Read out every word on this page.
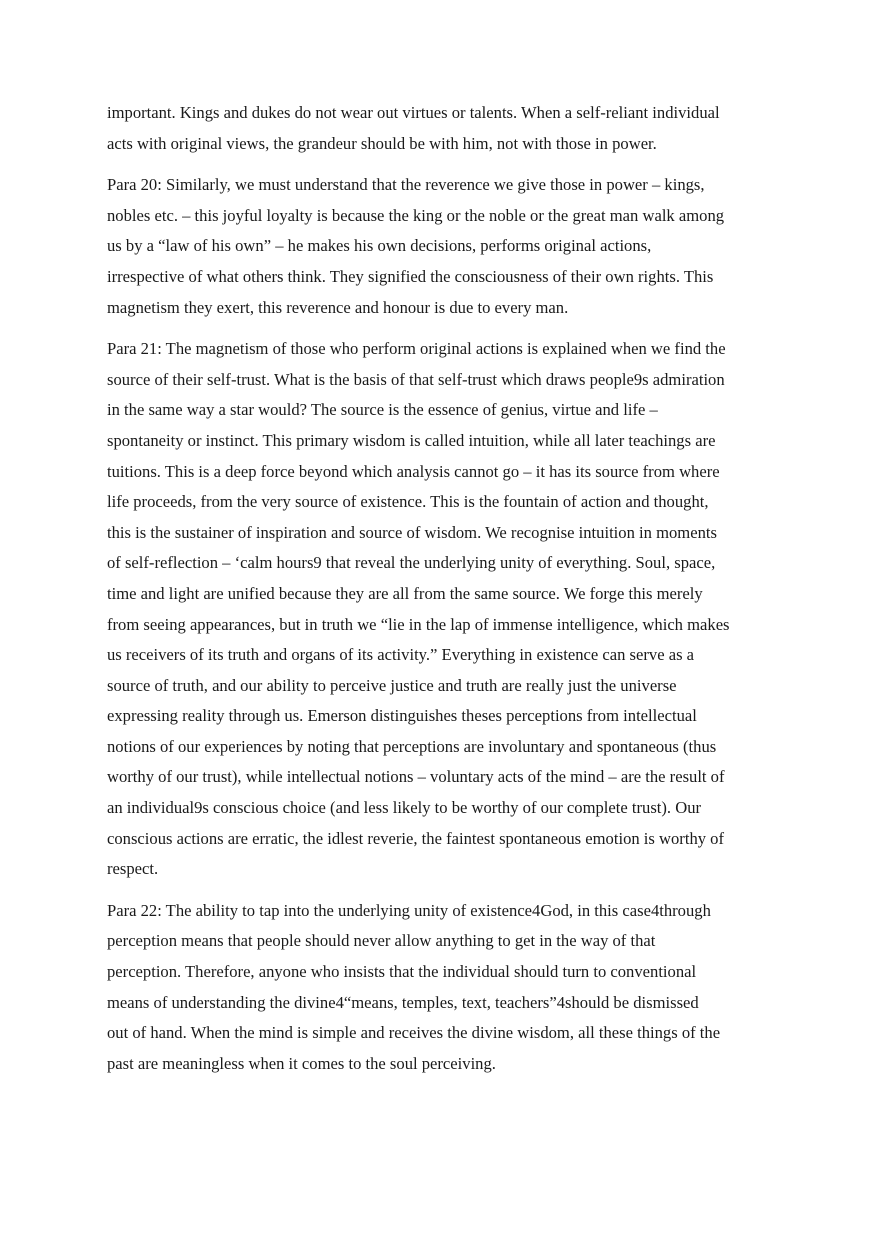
important. Kings and dukes do not wear out virtues or talents. When a self-reliant individual
acts with original views, the grandeur should be with him, not with those in power.

Para 20: Similarly, we must understand that the reverence we give those in power – kings,
nobles etc. – this joyful loyalty is because the king or the noble or the great man walk among
us by a “law of his own” – he makes his own decisions, performs original actions,
irrespective of what others think. They signified the consciousness of their own rights. This
magnetism they exert, this reverence and honour is due to every man.

Para 21: The magnetism of those who perform original actions is explained when we find the
source of their self-trust. What is the basis of that self-trust which draws people9s admiration
in the same way a star would? The source is the essence of genius, virtue and life –
spontaneity or instinct. This primary wisdom is called intuition, while all later teachings are
tuitions. This is a deep force beyond which analysis cannot go – it has its source from where
life proceeds, from the very source of existence. This is the fountain of action and thought,
this is the sustainer of inspiration and source of wisdom. We recognise intuition in moments
of self-reflection – ‘calm hours9 that reveal the underlying unity of everything. Soul, space,
time and light are unified because they are all from the same source. We forge this merely
from seeing appearances, but in truth we “lie in the lap of immense intelligence, which makes
us receivers of its truth and organs of its activity.” Everything in existence can serve as a
source of truth, and our ability to perceive justice and truth are really just the universe
expressing reality through us. Emerson distinguishes theses perceptions from intellectual
notions of our experiences by noting that perceptions are involuntary and spontaneous (thus
worthy of our trust), while intellectual notions – voluntary acts of the mind – are the result of
an individual9s conscious choice (and less likely to be worthy of our complete trust). Our
conscious actions are erratic, the idlest reverie, the faintest spontaneous emotion is worthy of
respect.

Para 22: The ability to tap into the underlying unity of existence4God, in this case4through
perception means that people should never allow anything to get in the way of that
perception. Therefore, anyone who insists that the individual should turn to conventional
means of understanding the divine4“means, temples, text, teachers”4should be dismissed
out of hand. When the mind is simple and receives the divine wisdom, all these things of the
past are meaningless when it comes to the soul perceiving.
